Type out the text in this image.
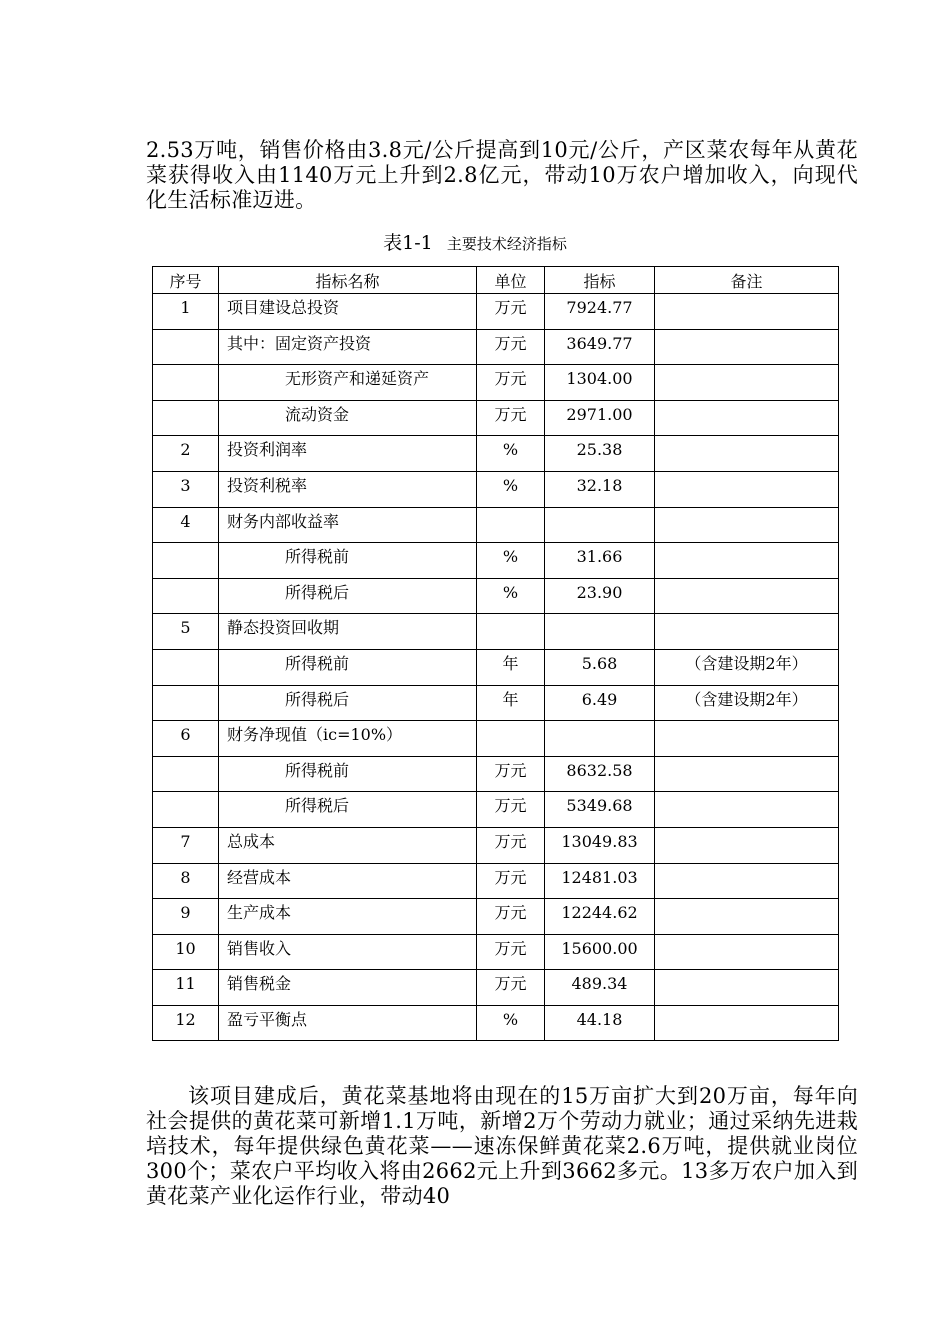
2.53万吨，销售价格由3.8元/公斤提高到10元/公斤，产区菜农每年从黄花菜获得收入由1140万元上升到2.8亿元，带动10万农户增加收入，向现代化生活标准迈进。

表1-1 主要技术经济指标
序号	指标名称	单位	指标	备注
1	项目建设总投资	万元	7924.77	
	其中：固定资产投资	万元	3649.77	
	无形资产和递延资产	万元	1304.00	
	流动资金	万元	2971.00	
2	投资利润率	%	25.38	
3	投资利税率	%	32.18	
4	财务内部收益率			
	所得税前	%	31.66	
	所得税后	%	23.90	
5	静态投资回收期			
	所得税前	年	5.68	（含建设期2年）
	所得税后	年	6.49	（含建设期2年）
6	财务净现值（ic=10%）			
	所得税前	万元	8632.58	
	所得税后	万元	5349.68	
7	总成本	万元	13049.83	
8	经营成本	万元	12481.03	
9	生产成本	万元	12244.62	
10	销售收入	万元	15600.00	
11	销售税金	万元	489.34	
12	盈亏平衡点	%	44.18	

该项目建成后，黄花菜基地将由现在的15万亩扩大到20万亩，每年向社会提供的黄花菜可新增1.1万吨，新增2万个劳动力就业；通过采纳先进栽培技术，每年提供绿色黄花菜——速冻保鲜黄花菜2.6万吨，提供就业岗位300个；菜农户平均收入将由2662元上升到3662多元。13多万农户加入到黄花菜产业化运作行业，带动40
